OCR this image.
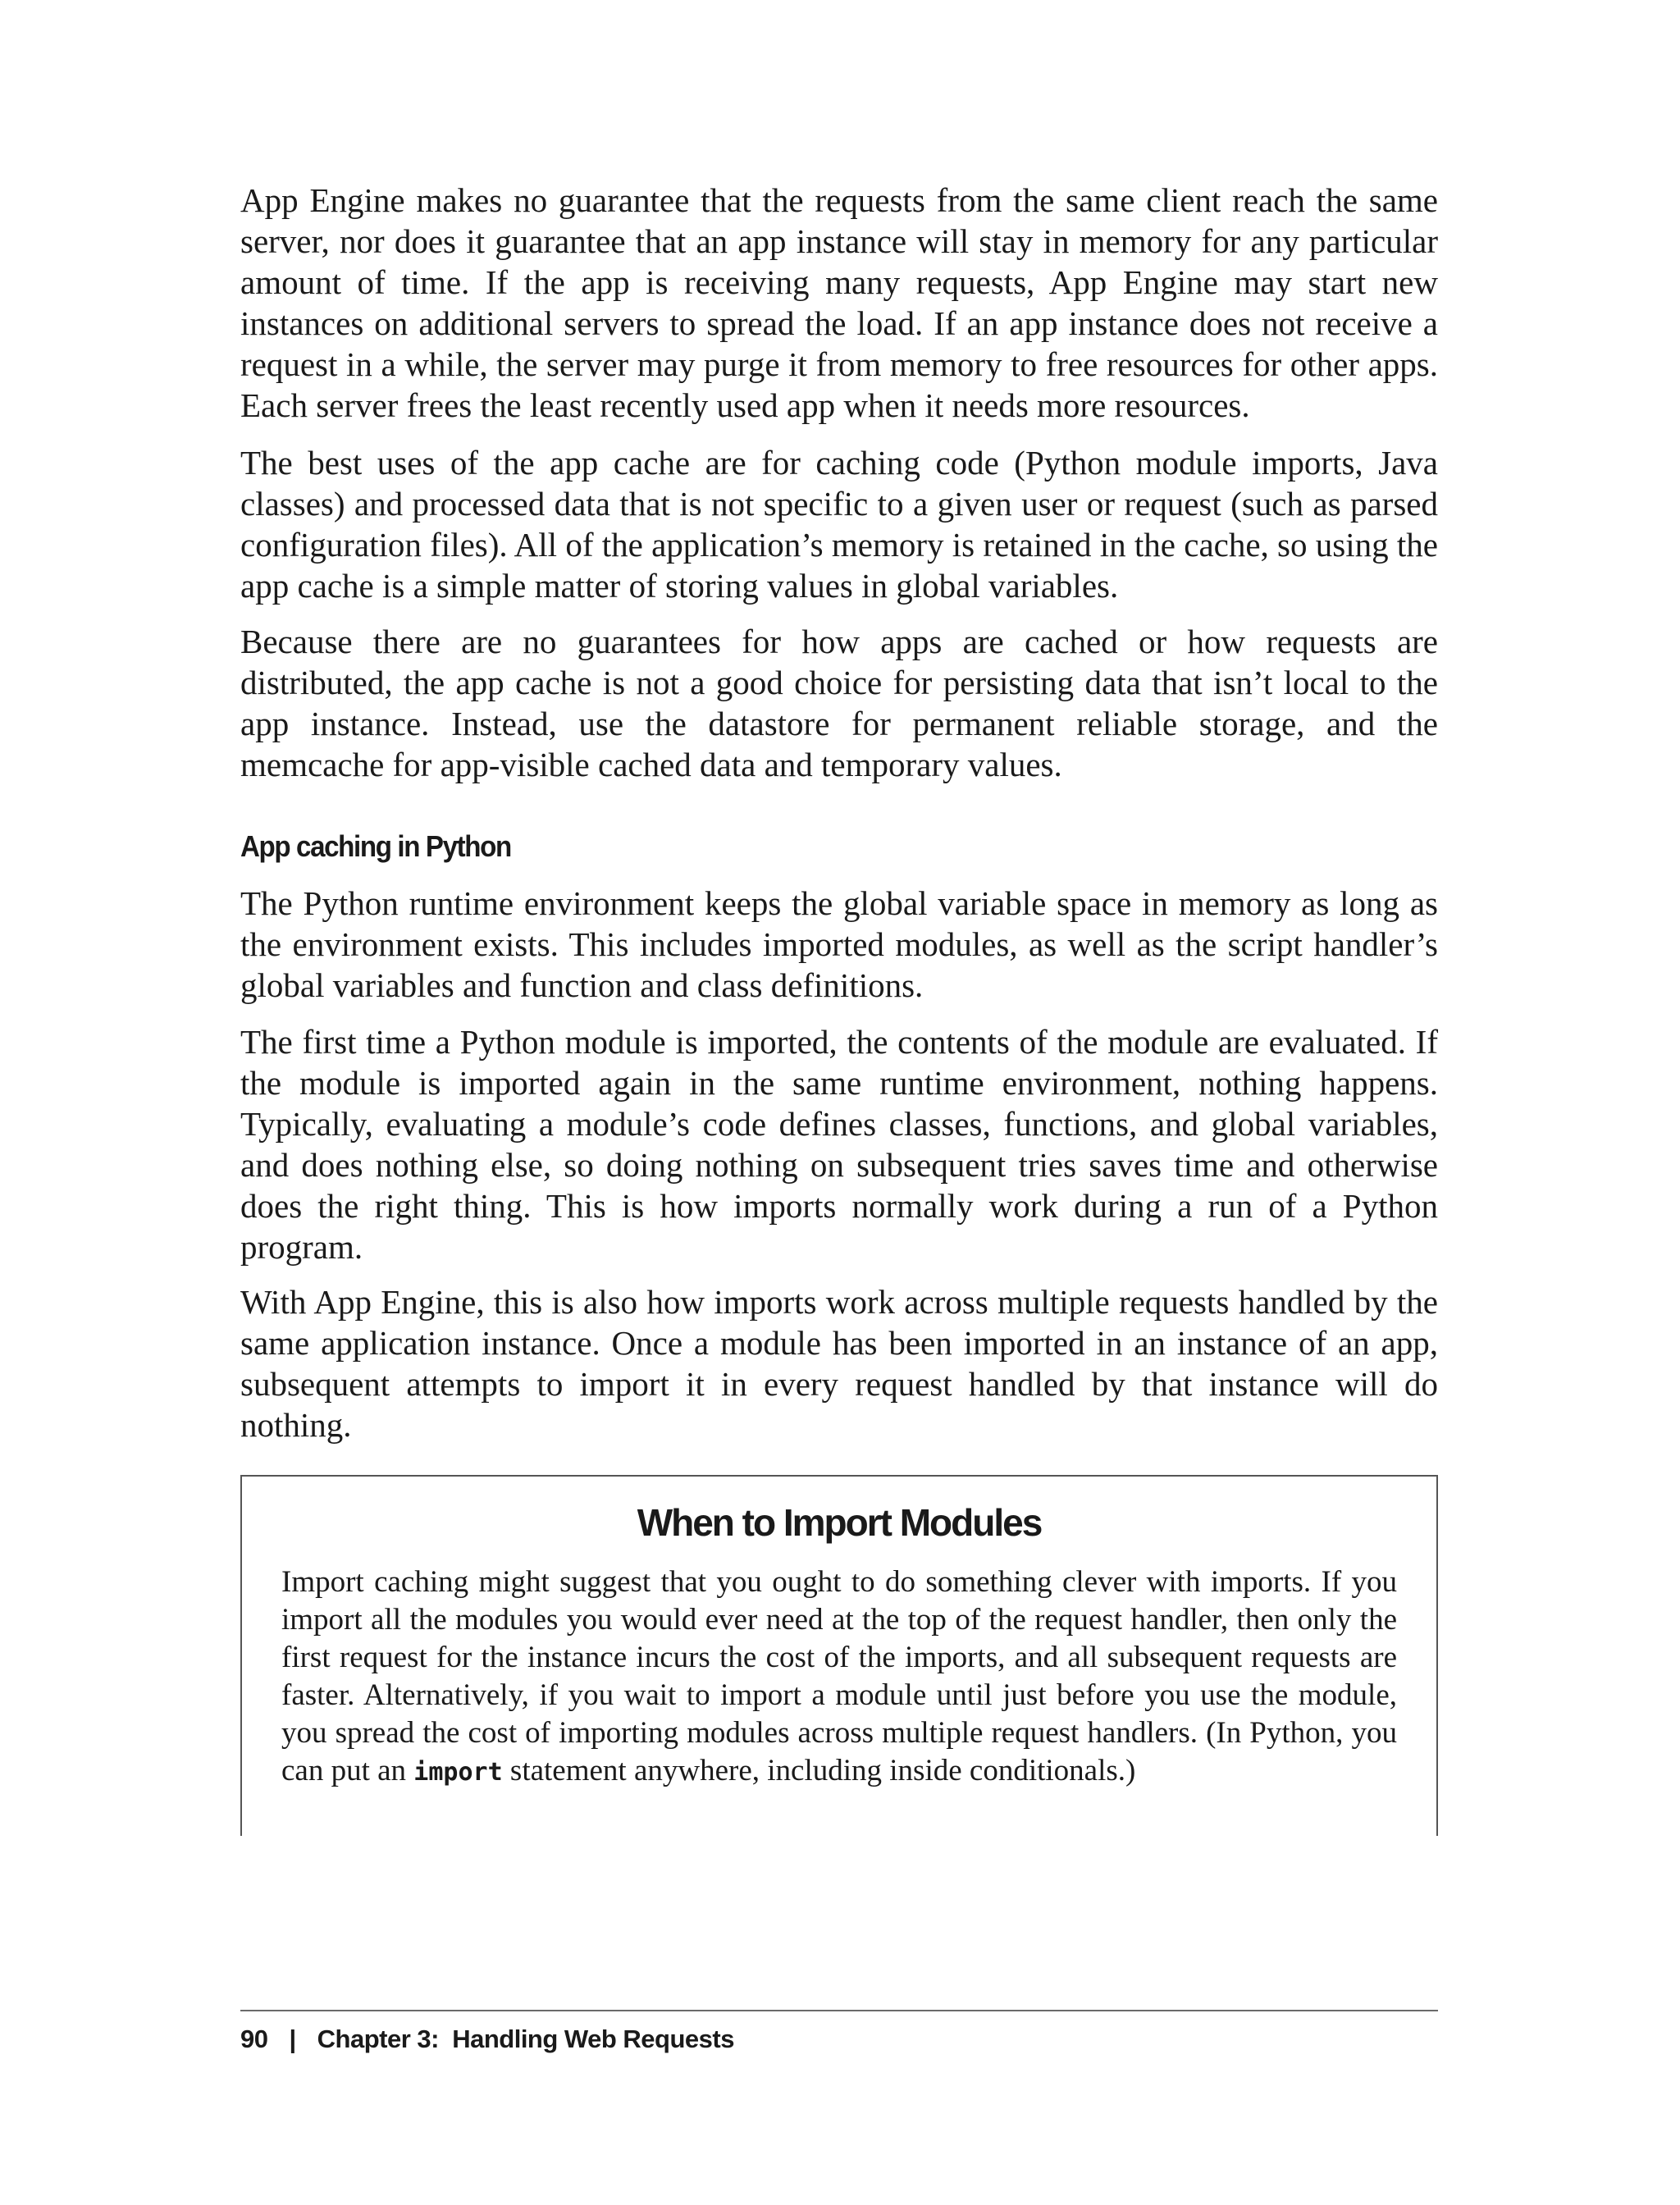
App Engine makes no guarantee that the requests from the same client reach the same server, nor does it guarantee that an app instance will stay in memory for any particular amount of time. If the app is receiving many requests, App Engine may start new instances on additional servers to spread the load. If an app instance does not receive a request in a while, the server may purge it from memory to free resources for other apps. Each server frees the least recently used app when it needs more resources.

The best uses of the app cache are for caching code (Python module imports, Java classes) and processed data that is not specific to a given user or request (such as parsed configuration files). All of the application’s memory is retained in the cache, so using the app cache is a simple matter of storing values in global variables.

Because there are no guarantees for how apps are cached or how requests are distributed, the app cache is not a good choice for persisting data that isn’t local to the app instance. Instead, use the datastore for permanent reliable storage, and the memcache for app-visible cached data and temporary values.

App caching in Python

The Python runtime environment keeps the global variable space in memory as long as the environment exists. This includes imported modules, as well as the script handler’s global variables and function and class definitions.

The first time a Python module is imported, the contents of the module are evaluated. If the module is imported again in the same runtime environment, nothing happens. Typically, evaluating a module’s code defines classes, functions, and global variables, and does nothing else, so doing nothing on subsequent tries saves time and otherwise does the right thing. This is how imports normally work during a run of a Python program.

With App Engine, this is also how imports work across multiple requests handled by the same application instance. Once a module has been imported in an instance of an app, subsequent attempts to import it in every request handled by that instance will do nothing.

When to Import Modules

Import caching might suggest that you ought to do something clever with imports. If you import all the modules you would ever need at the top of the request handler, then only the first request for the instance incurs the cost of the imports, and all subsequent requests are faster. Alternatively, if you wait to import a module until just before you use the module, you spread the cost of importing modules across multiple request handlers. (In Python, you can put an import statement anywhere, including inside conditionals.)

90 | Chapter 3:  Handling Web Requests
